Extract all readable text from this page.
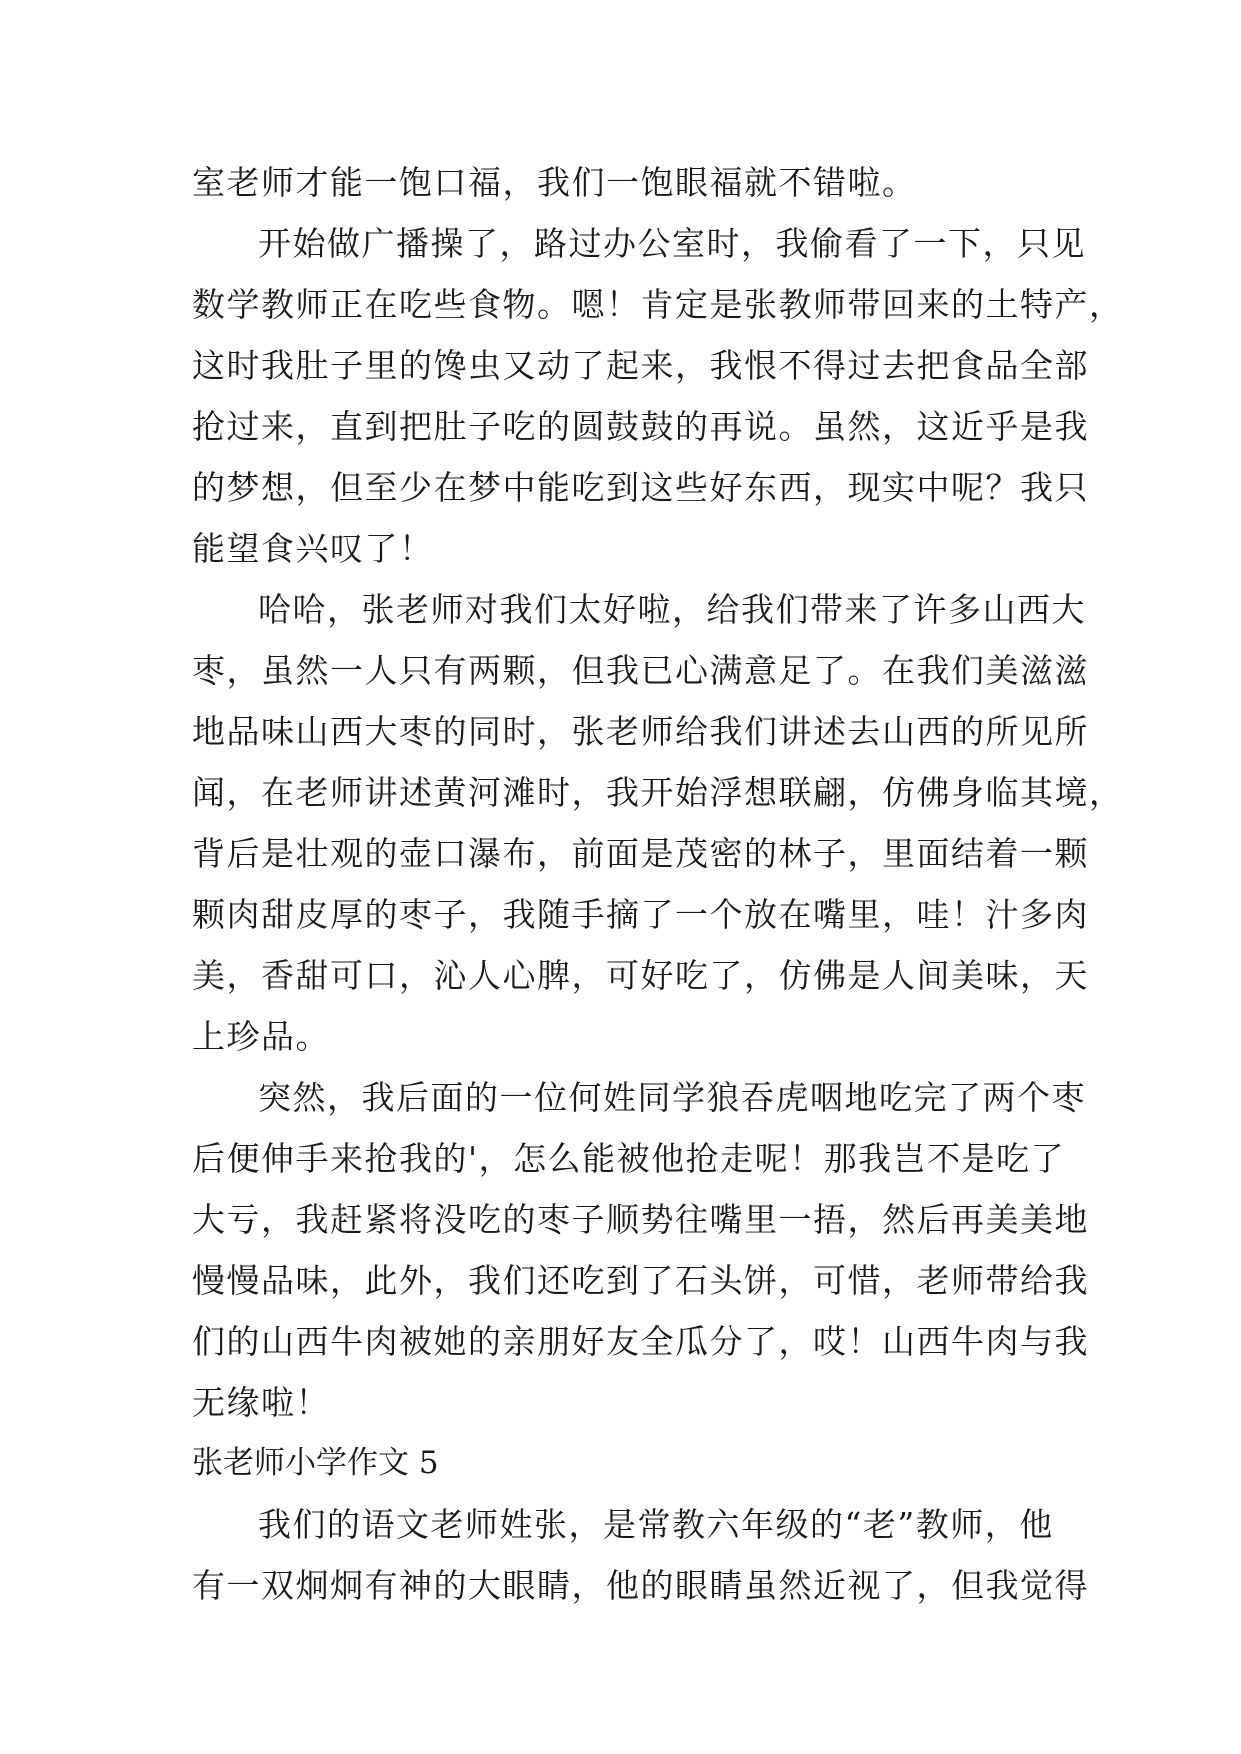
室老师才能一饱口福，我们一饱眼福就不错啦。
开始做广播操了，路过办公室时，我偷看了一下，只见
数学教师正在吃些食物。嗯！肯定是张教师带回来的土特产，
这时我肚子里的馋虫又动了起来，我恨不得过去把食品全部
抢过来，直到把肚子吃的圆鼓鼓的再说。虽然，这近乎是我
的梦想，但至少在梦中能吃到这些好东西，现实中呢？我只
能望食兴叹了！
哈哈，张老师对我们太好啦，给我们带来了许多山西大
枣，虽然一人只有两颗，但我已心满意足了。在我们美滋滋
地品味山西大枣的同时，张老师给我们讲述去山西的所见所
闻，在老师讲述黄河滩时，我开始浮想联翩，仿佛身临其境，
背后是壮观的壶口瀑布，前面是茂密的林子，里面结着一颗
颗肉甜皮厚的枣子，我随手摘了一个放在嘴里，哇！汁多肉
美，香甜可口，沁人心脾，可好吃了，仿佛是人间美味，天
上珍品。
突然，我后面的一位何姓同学狼吞虎咽地吃完了两个枣
后便伸手来抢我的'，怎么能被他抢走呢！那我岂不是吃了
大亏，我赶紧将没吃的枣子顺势往嘴里一捂，然后再美美地
慢慢品味，此外，我们还吃到了石头饼，可惜，老师带给我
们的山西牛肉被她的亲朋好友全瓜分了，哎！山西牛肉与我
无缘啦！
张老师小学作文 5
我们的语文老师姓张，是常教六年级的“老”教师，他
有一双炯炯有神的大眼睛，他的眼睛虽然近视了，但我觉得
